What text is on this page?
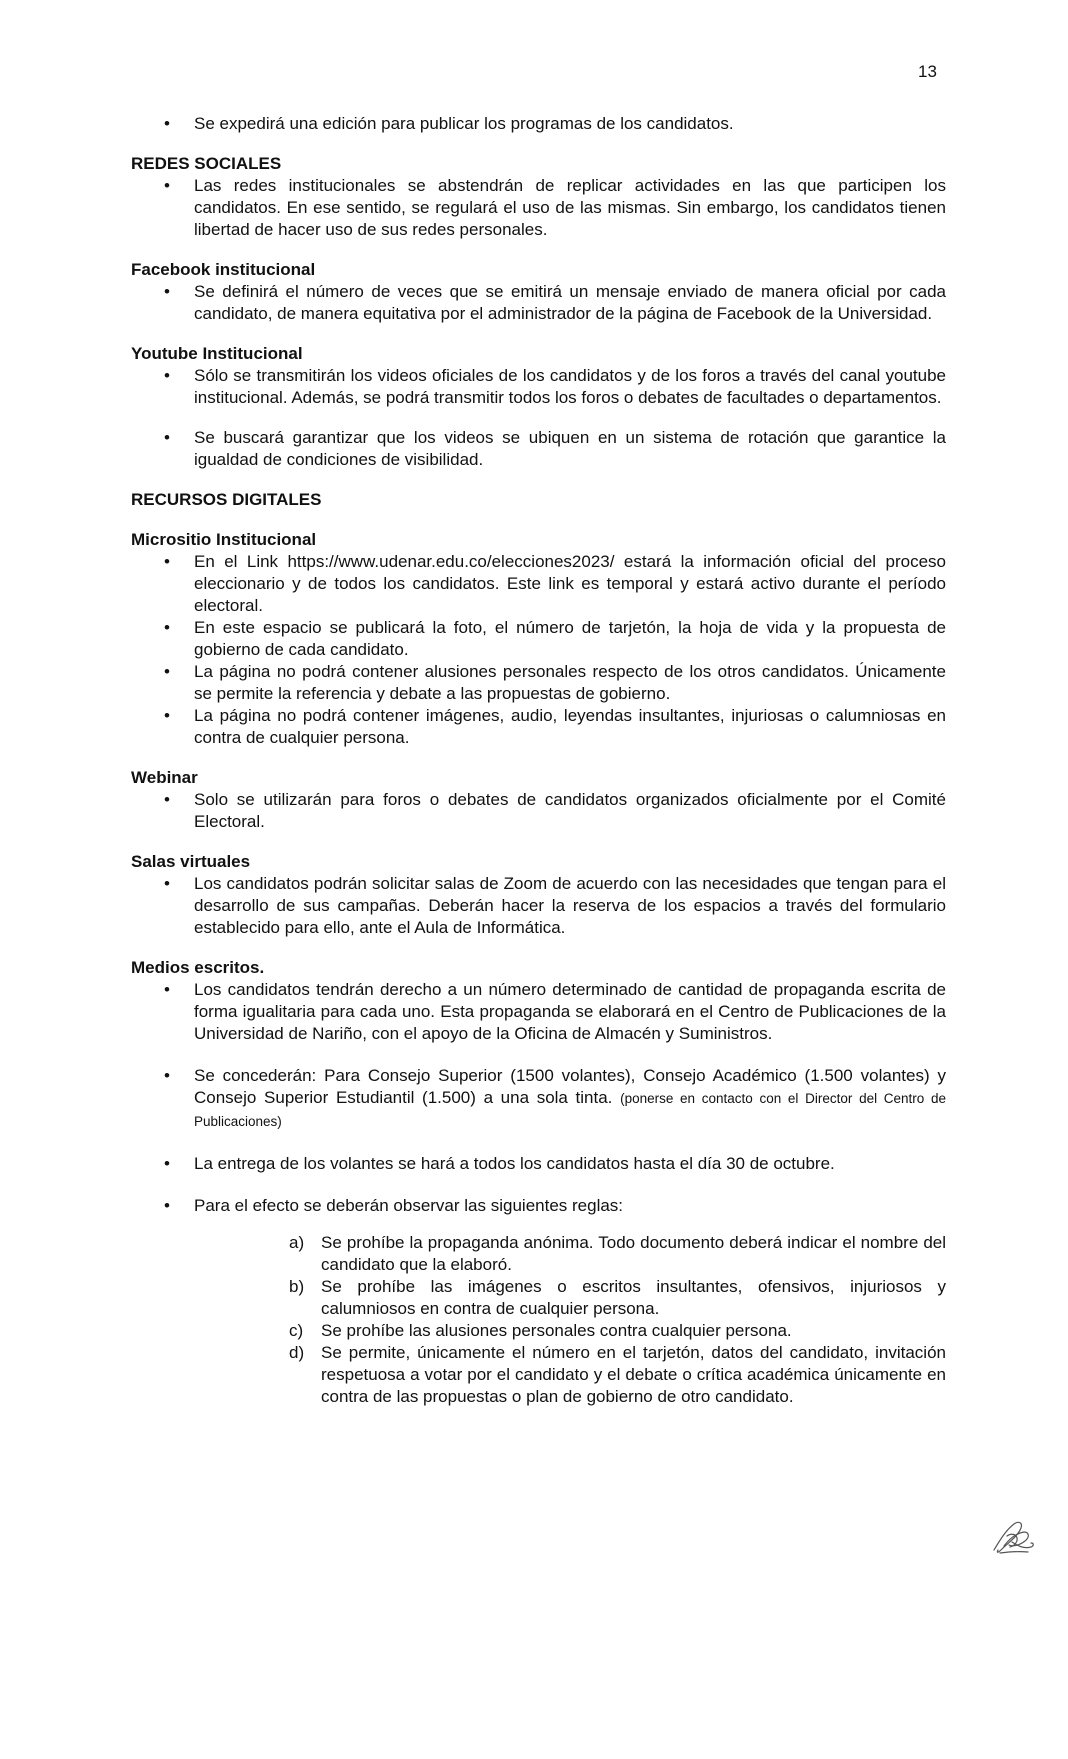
13

• Se expedirá una edición para publicar los programas de los candidatos.

REDES SOCIALES

• Las redes institucionales se abstendrán de replicar actividades en las que participen los candidatos. En ese sentido, se regulará el uso de las mismas. Sin embargo, los candidatos tienen libertad de hacer uso de sus redes personales.

Facebook institucional

• Se definirá el número de veces que se emitirá un mensaje enviado de manera oficial por cada candidato, de manera equitativa por el administrador de la página de Facebook de la Universidad.

Youtube Institucional

• Sólo se transmitirán los videos oficiales de los candidatos y de los foros a través del canal youtube institucional. Además, se podrá transmitir todos los foros o debates de facultades o departamentos.
• Se buscará garantizar que los videos se ubiquen en un sistema de rotación que garantice la igualdad de condiciones de visibilidad.

RECURSOS DIGITALES

Micrositio Institucional

• En el Link https://www.udenar.edu.co/elecciones2023/ estará la información oficial del proceso eleccionario y de todos los candidatos. Este link es temporal y estará activo durante el período electoral.
• En este espacio se publicará la foto, el número de tarjetón, la hoja de vida y la propuesta de gobierno de cada candidato.
• La página no podrá contener alusiones personales respecto de los otros candidatos. Únicamente se permite la referencia y debate a las propuestas de gobierno.
• La página no podrá contener imágenes, audio, leyendas insultantes, injuriosas o calumniosas en contra de cualquier persona.

Webinar

• Solo se utilizarán para foros o debates de candidatos organizados oficialmente por el Comité Electoral.

Salas virtuales

• Los candidatos podrán solicitar salas de Zoom de acuerdo con las necesidades que tengan para el desarrollo de sus campañas. Deberán hacer la reserva de los espacios a través del formulario establecido para ello, ante el Aula de Informática.

Medios escritos.

• Los candidatos tendrán derecho a un número determinado de cantidad de propaganda escrita de forma igualitaria para cada uno. Esta propaganda se elaborará en el Centro de Publicaciones de la Universidad de Nariño, con el apoyo de la Oficina de Almacén y Suministros.
• Se concederán: Para Consejo Superior (1500 volantes), Consejo Académico (1.500 volantes) y Consejo Superior Estudiantil (1.500) a una sola tinta. (ponerse en contacto con el Director del Centro de Publicaciones)
• La entrega de los volantes se hará a todos los candidatos hasta el día 30 de octubre.
• Para el efecto se deberán observar las siguientes reglas:
a) Se prohíbe la propaganda anónima. Todo documento deberá indicar el nombre del candidato que la elaboró.
b) Se prohíbe las imágenes o escritos insultantes, ofensivos, injuriosos y calumniosos en contra de cualquier persona.
c) Se prohíbe las alusiones personales contra cualquier persona.
d) Se permite, únicamente el número en el tarjetón, datos del candidato, invitación respetuosa a votar por el candidato y el debate o crítica académica únicamente en contra de las propuestas o plan de gobierno de otro candidato.
